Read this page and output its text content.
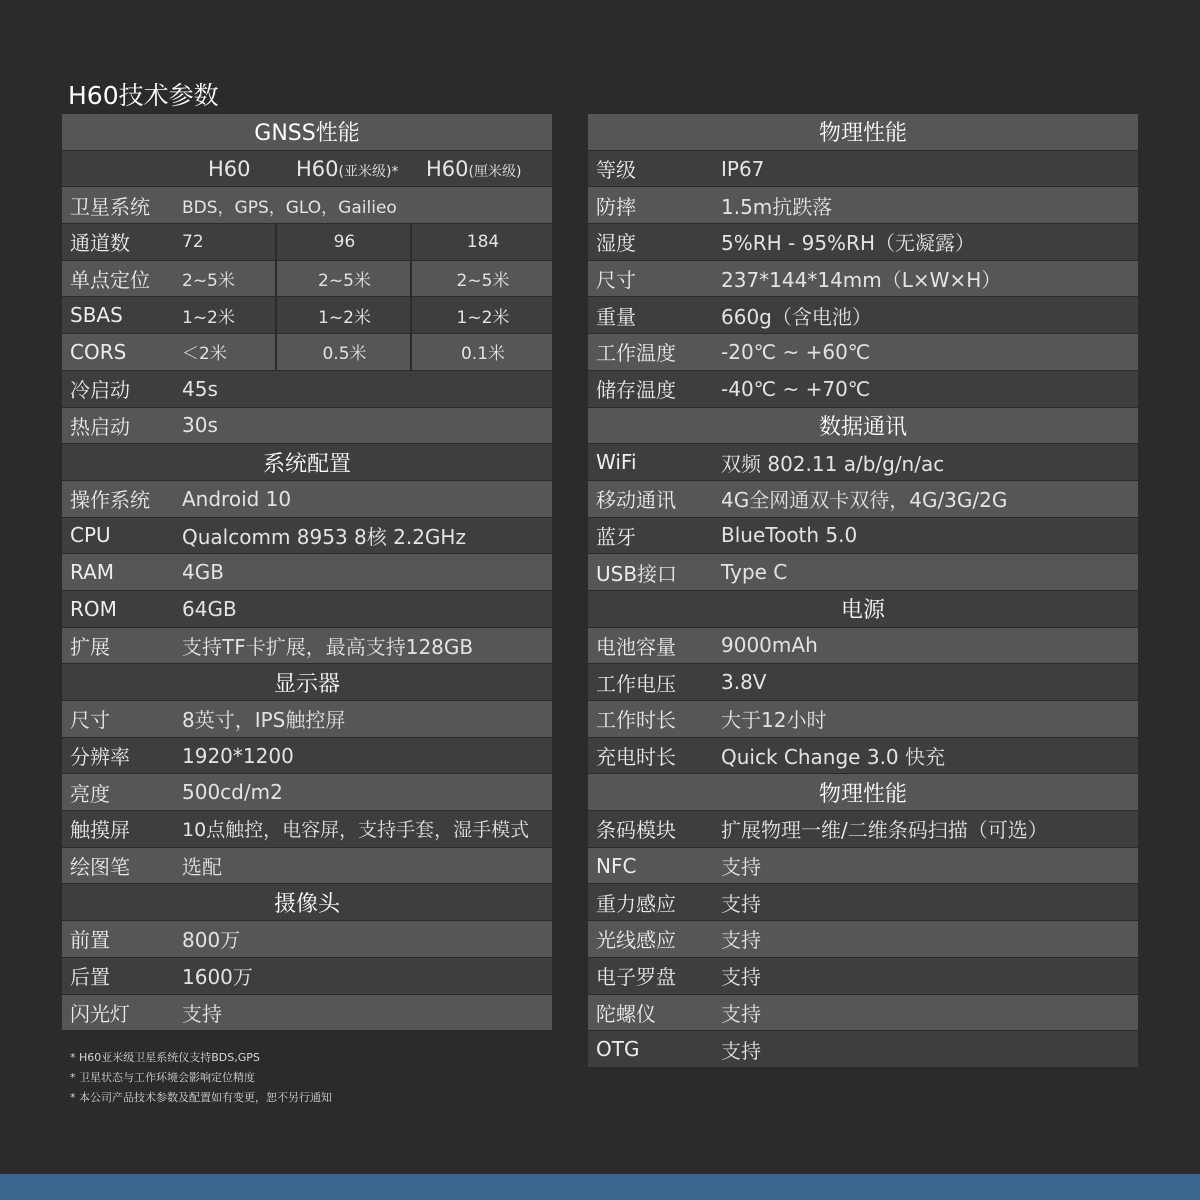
H60技术参数
GNSS性能
H60 H60(亚米级)* H60(厘米级)
卫星系统 BDS，GPS，GLO，Gailieo
通道数	72	96	184
单点定位 2~5米	2~5米	2~5米
SBAS	1~2米	1~2米	1~2米
CORS	＜2米	0.5米	0.1米
冷启动	45s
热启动	30s
系统配置
操作系统 Android 10
CPU	Qualcomm 8953 8核 2.2GHz
RAM	4GB
ROM	64GB
扩展	支持TF卡扩展，最高支持128GB
显示器
尺寸	8英寸，IPS触控屏
分辨率	1920*1200
亮度	500cd/m2
触摸屏	10点触控，电容屏，支持手套，湿手模式
绘图笔	选配
摄像头
前置	800万
后置	1600万
闪光灯	支持
物理性能
等级	IP67
防摔	1.5m抗跌落
湿度	5%RH - 95%RH（无凝露）
尺寸	237*144*14mm（L×W×H）
重量	660g（含电池）
工作温度 -20℃ ~ +60℃
储存温度 -40℃ ~ +70℃
数据通讯
WiFi	双频 802.11 a/b/g/n/ac
移动通讯 4G全网通双卡双待，4G/3G/2G
蓝牙	BlueTooth 5.0
USB接口 Type C
电源
电池容量 9000mAh
工作电压 3.8V
工作时长 大于12小时
充电时长 Quick Change 3.0 快充
物理性能
条码模块 扩展物理一维/二维条码扫描（可选）
NFC	支持
重力感应 支持
光线感应 支持
电子罗盘 支持
陀螺仪	支持
OTG	支持
* H60亚米级卫星系统仪支持BDS,GPS
* 卫星状态与工作环境会影响定位精度
* 本公司产品技术参数及配置如有变更，恕不另行通知
